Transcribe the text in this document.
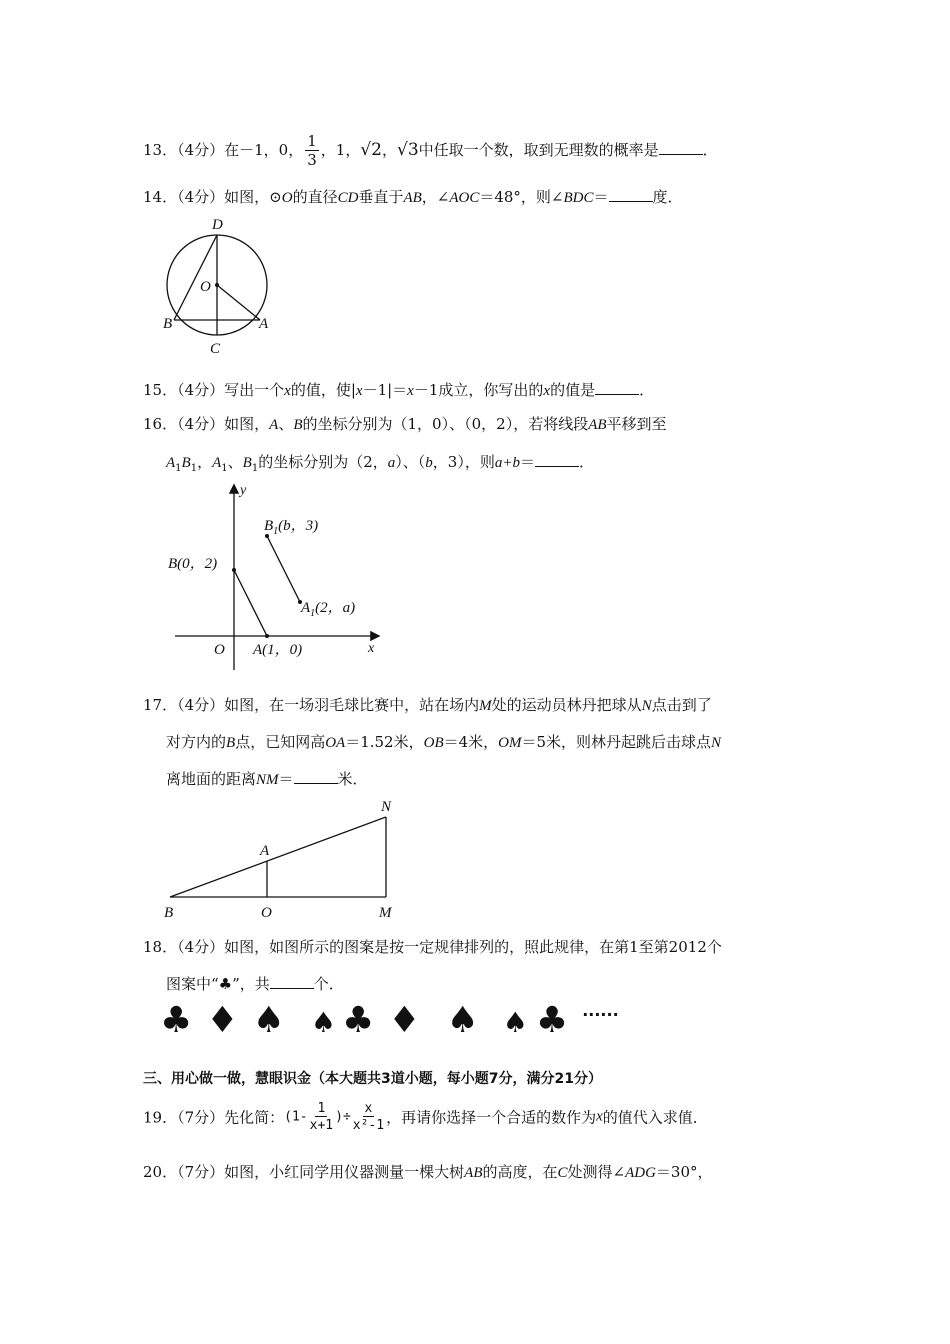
13．（4分）在－1，0， $\frac{1}{3}$ ，1，√2，√3中任取一个数，取到无理数的概率是	．
14．（4分）如图，⊙O的直径CD垂直于AB，∠AOC＝48°，则∠BDC＝	度．
D
O
B	A
C
15．（4分）写出一个x的值，使|x－1|＝x－1成立，你写出的x的值是	．
16．（4分）如图，A、B的坐标分别为（1，0）、（0，2），若将线段AB平移到至
$A_1B_1$，$A_1$、$B_1$的坐标分别为（2，a）、（b，3），则a+b＝	．
y
x
O
B(0，2)
$B_1(b$，3)
$A_1(2$，a)
A(1，0)
17．（4分）如图，在一场羽毛球比赛中，站在场内M处的运动员林丹把球从N点击到了
对方内的B点，已知网高OA＝1.52米，OB＝4米，OM＝5米，则林丹起跳后击球点N
离地面的距离NM＝	米．
N
A
B	O	M
18．（4分）如图，如图所示的图案是按一定规律排列的，照此规律，在第1至第2012个
图案中“♣”，共	个．
♣ ♦ ♠ ♠ ♣ ♦ ♠ ♠ ♣ ······
三、用心做一做，慧眼识金（本大题共3道小题，每小题7分，满分21分）
19．（7分）先化简：($1- \frac{1}{x+1}$ )÷ $\frac{x}{\text{x²-1}}$ ，再请你选择一个合适的数作为x的值代入求值．
20．（7分）如图，小红同学用仪器测量一棵大树AB的高度，在C处测得∠ADG＝30°，
